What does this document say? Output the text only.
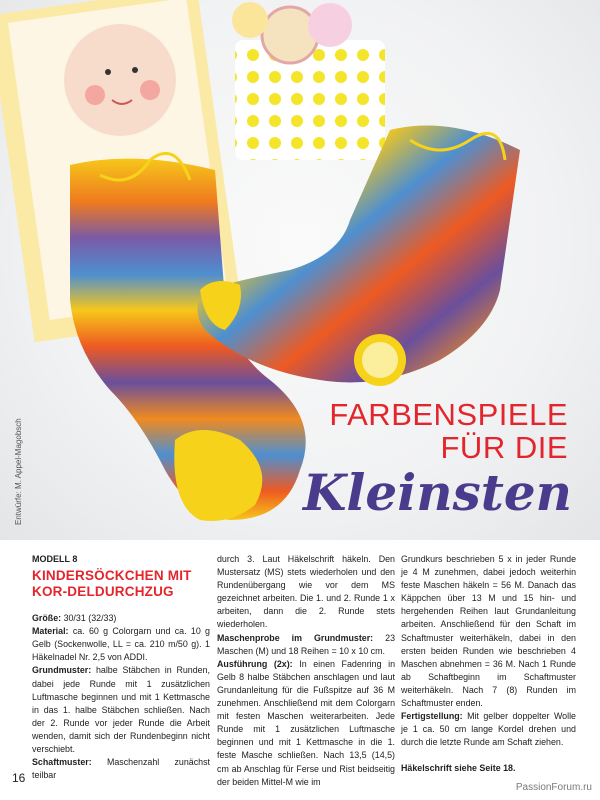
Entwürfe: M. Appel-Magobsch
FARBENSPIELE
FÜR DIE
Kleinsten
MODELL 8
KINDERSÖCKCHEN MIT KOR-DELDURCHZUG

Größe: 30/31 (32/33)

Material: ca. 60 g Colorgarn und ca. 10 g Gelb (Sockenwolle, LL = ca. 210 m/50 g). 1 Häkelnadel Nr. 2,5 von ADDI.

Grundmuster: halbe Stäbchen in Runden, dabei jede Runde mit 1 zusätzlichen Luftmasche beginnen und mit 1 Kettmasche in das 1. halbe Stäbchen schließen. Nach der 2. Runde vor jeder Runde die Arbeit wenden, damit sich der Rundenbeginn nicht verschiebt.

Schaftmuster: Maschenzahl zunächst teilbar

durch 3. Laut Häkelschrift häkeln. Den Mustersatz (MS) stets wiederholen und den Rundenübergang wie vor dem MS gezeichnet arbeiten. Die 1. und 2. Runde 1 x arbeiten, dann die 2. Runde stets wiederholen.

Maschenprobe im Grundmuster: 23 Maschen (M) und 18 Reihen = 10 x 10 cm.

Ausführung (2x): In einen Fadenring in Gelb 8 halbe Stäbchen anschlagen und laut Grundanleitung für die Fußspitze auf 36 M zunehmen. Anschließend mit dem Colorgarn mit festen Maschen weiterarbeiten. Jede Runde mit 1 zusätzlichen Luftmasche beginnen und mit 1 Kettmasche in die 1. feste Masche schließen. Nach 13,5 (14,5) cm ab Anschlag für Ferse und Rist beidseitig der beiden Mittel-M wie im

Grundkurs beschrieben 5 x in jeder Runde je 4 M zunehmen, dabei jedoch weiterhin feste Maschen häkeln = 56 M. Danach das Käppchen über 13 M und 15 hin- und hergehenden Reihen laut Grundanleitung arbeiten. Anschließend für den Schaft im Schaftmuster weiterhäkeln, dabei in den ersten beiden Runden wie beschrieben 4 Maschen abnehmen = 36 M. Nach 1 Runde ab Schaftbeginn im Schaftmuster weiterhäkeln. Nach 7 (8) Runden im Schaftmuster enden.

Fertigstellung: Mit gelber doppelter Wolle je 1 ca. 50 cm lange Kordel drehen und durch die letzte Runde am Schaft ziehen.

Häkelschrift siehe Seite 18.

16
PassionForum.ru
